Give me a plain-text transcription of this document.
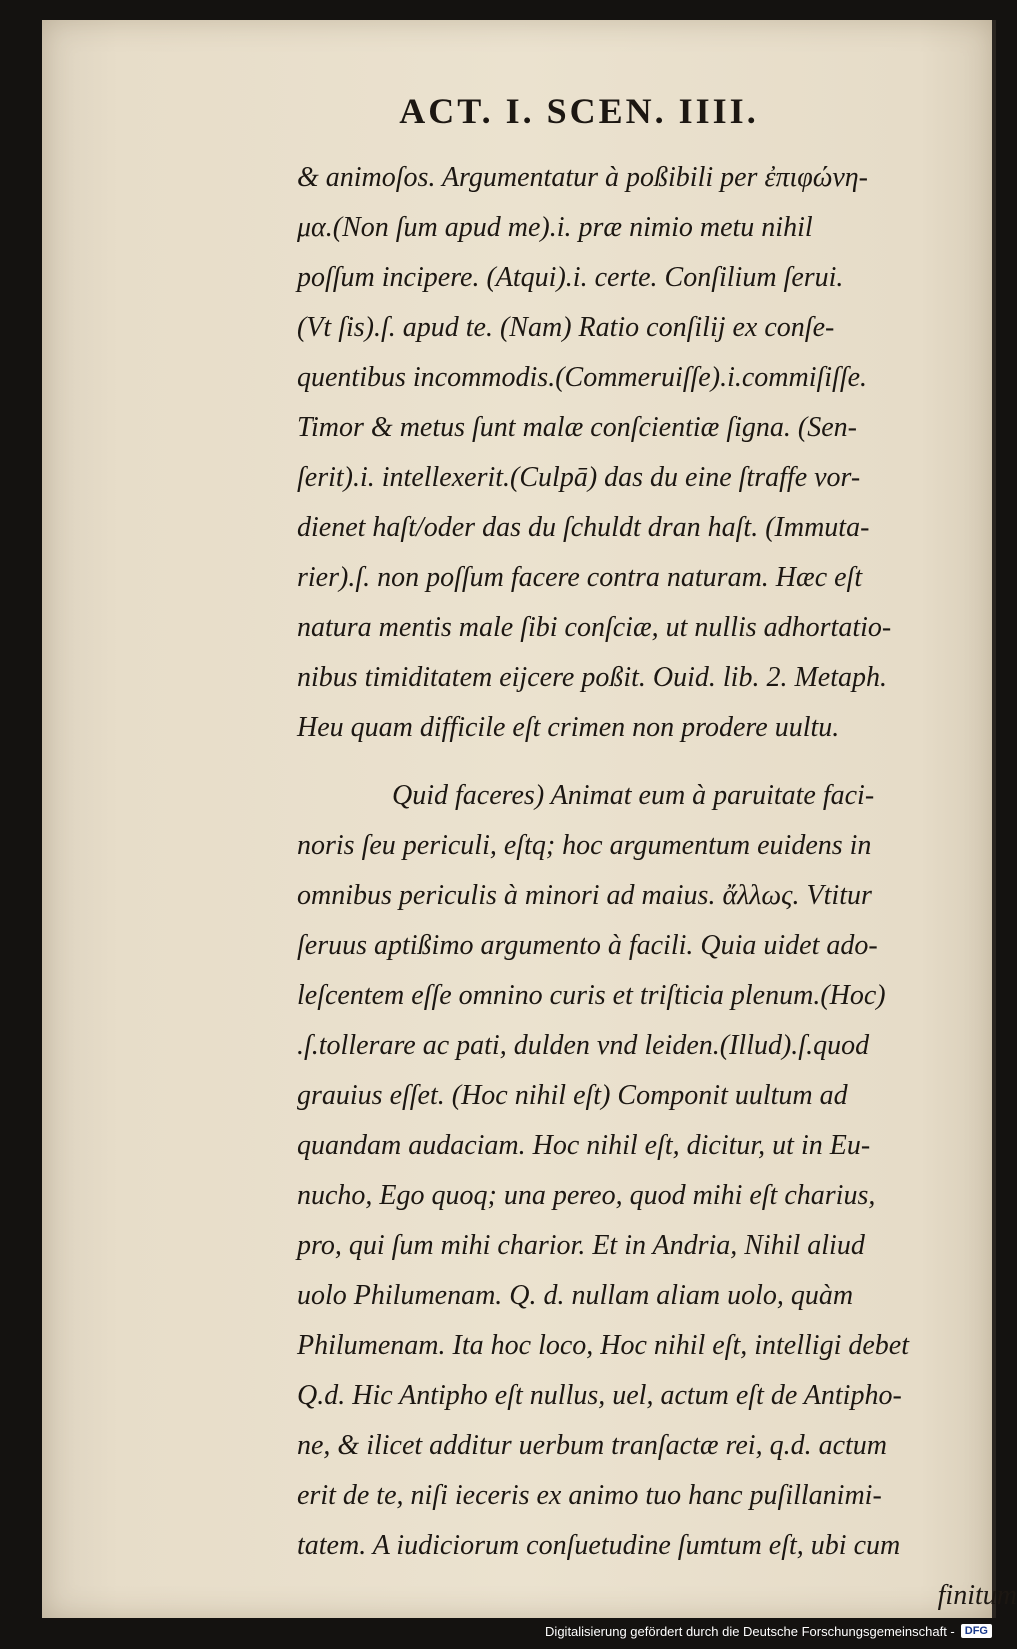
ACT. I. SCEN. IIII.
& animoſos. Argumentatur à poßibili per ἐπιφώνη-
μα.(Non ſum apud me).i. præ nimio metu nihil
poſſum incipere. (Atqui).i. certe. Conſilium ſerui.
(Vt ſis).ſ. apud te. (Nam) Ratio conſilij ex conſe-
quentibus incommodis.(Commeruiſſe).i.commiſiſſe.
Timor & metus ſunt malæ conſcientiæ ſigna. (Sen-
ſerit).i. intellexerit.(Culpā) das du eine ſtraffe vor-
dienet haſt/oder das du ſchuldt dran haſt. (Immuta-
rier).ſ. non poſſum facere contra naturam. Hæc eſt
natura mentis male ſibi conſciæ, ut nullis adhortatio-
nibus timiditatem eijcere poßit. Ouid. lib. 2. Metaph.
Heu quam difficile eſt crimen non prodere uultu.
Quid faceres) Animat eum à paruitate faci-
noris ſeu periculi, eſtq; hoc argumentum euidens in
omnibus periculis à minori ad maius. ἄλλως. Vtitur
ſeruus aptißimo argumento à facili. Quia uidet ado-
leſcentem eſſe omnino curis et triſticia plenum.(Hoc)
.ſ.tollerare ac pati, dulden vnd leiden.(Illud).ſ.quod
grauius eſſet. (Hoc nihil eſt) Componit uultum ad
quandam audaciam. Hoc nihil eſt, dicitur, ut in Eu-
nucho, Ego quoq; una pereo, quod mihi eſt charius,
pro, qui ſum mihi charior. Et in Andria, Nihil aliud
uolo Philumenam. Q. d. nullam aliam uolo, quàm
Philumenam. Ita hoc loco, Hoc nihil eſt, intelligi debet
Q.d. Hic Antipho eſt nullus, uel, actum eſt de Antipho-
ne, & ilicet additur uerbum tranſactæ rei, q.d. actum
erit de te, niſi ieceris ex animo tuo hanc puſillanimi-
tatem. A iudiciorum conſuetudine ſumtum eſt, ubi cum
finitum
Digitalisierung gefördert durch die Deutsche Forschungsgemeinschaft - DFG
